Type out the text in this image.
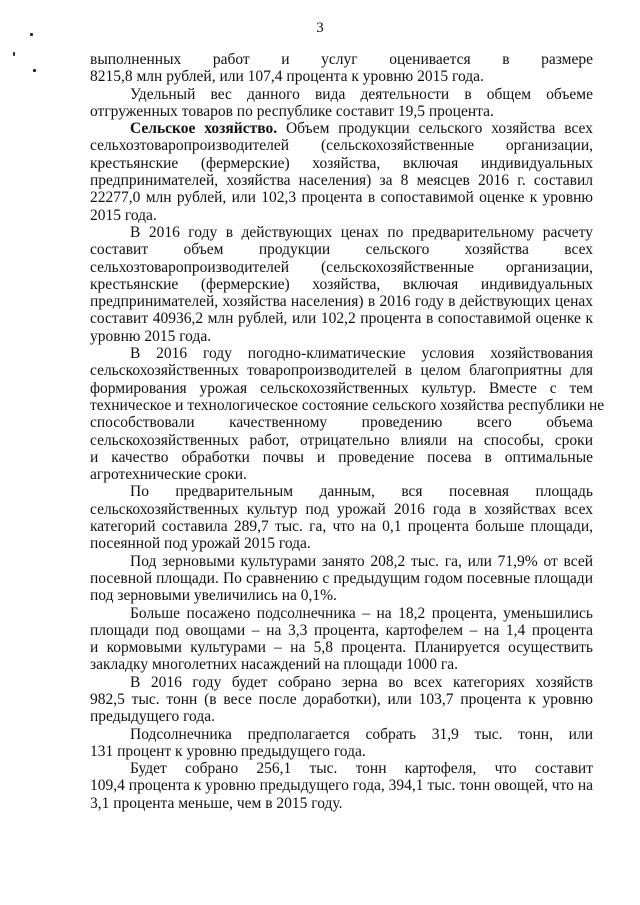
3

выполненных работ и услуг оценивается в размере
8215,8 млн рублей, или 107,4 процента к уровню 2015 года.

Удельный вес данного вида деятельности в общем объеме
отгруженных товаров по республике составит 19,5 процента.

Сельское хозяйство. Объем продукции сельского хозяйства всех
сельхозтоваропроизводителей (сельскохозяйственные организации,
крестьянские (фермерские) хозяйства, включая индивидуальных
предпринимателей, хозяйства населения) за 8 меясцев 2016 г. составил
22277,0 млн рублей, или 102,3 процента в сопоставимой оценке к уровню
2015 года.

В 2016 году в действующих ценах по предварительному расчету
составит объем продукции сельского хозяйства всех
сельхозтоваропроизводителей (сельскохозяйственные организации,
крестьянские (фермерские) хозяйства, включая индивидуальных
предпринимателей, хозяйства населения) в 2016 году в действующих ценах
составит 40936,2 млн рублей, или 102,2 процента в сопоставимой оценке к
уровню 2015 года.

В 2016 году погодно-климатические условия хозяйствования
сельскохозяйственных товаропроизводителей в целом благоприятны для
формирования урожая сельскохозяйственных культур. Вместе с тем
техническое и технологическое состояние сельского хозяйства республики не
способствовали качественному проведению всего объема
сельскохозяйственных работ, отрицательно влияли на способы, сроки
и качество обработки почвы и проведение посева в оптимальные
агротехнические сроки.

По предварительным данным, вся посевная площадь
сельскохозяйственных культур под урожай 2016 года в хозяйствах всех
категорий составила 289,7 тыс. га, что на 0,1 процента больше площади,
посеянной под урожай 2015 года.

Под зерновыми культурами занято 208,2 тыс. га, или 71,9% от всей
посевной площади. По сравнению с предыдущим годом посевные площади
под зерновыми увеличились на 0,1%.

Больше посажено подсолнечника – на 18,2 процента, уменьшились
площади под овощами – на 3,3 процента, картофелем – на 1,4 процента
и кормовыми культурами – на 5,8 процента. Планируется осуществить
закладку многолетних насаждений на площади 1000 га.

В 2016 году будет собрано зерна во всех категориях хозяйств
982,5 тыс. тонн (в весе после доработки), или 103,7 процента к уровню
предыдущего года.

Подсолнечника предполагается собрать 31,9 тыс. тонн, или
131 процент к уровню предыдущего года.

Будет собрано 256,1 тыс. тонн картофеля, что составит
109,4 процента к уровню предыдущего года, 394,1 тыс. тонн овощей, что на
3,1 процента меньше, чем в 2015 году.
